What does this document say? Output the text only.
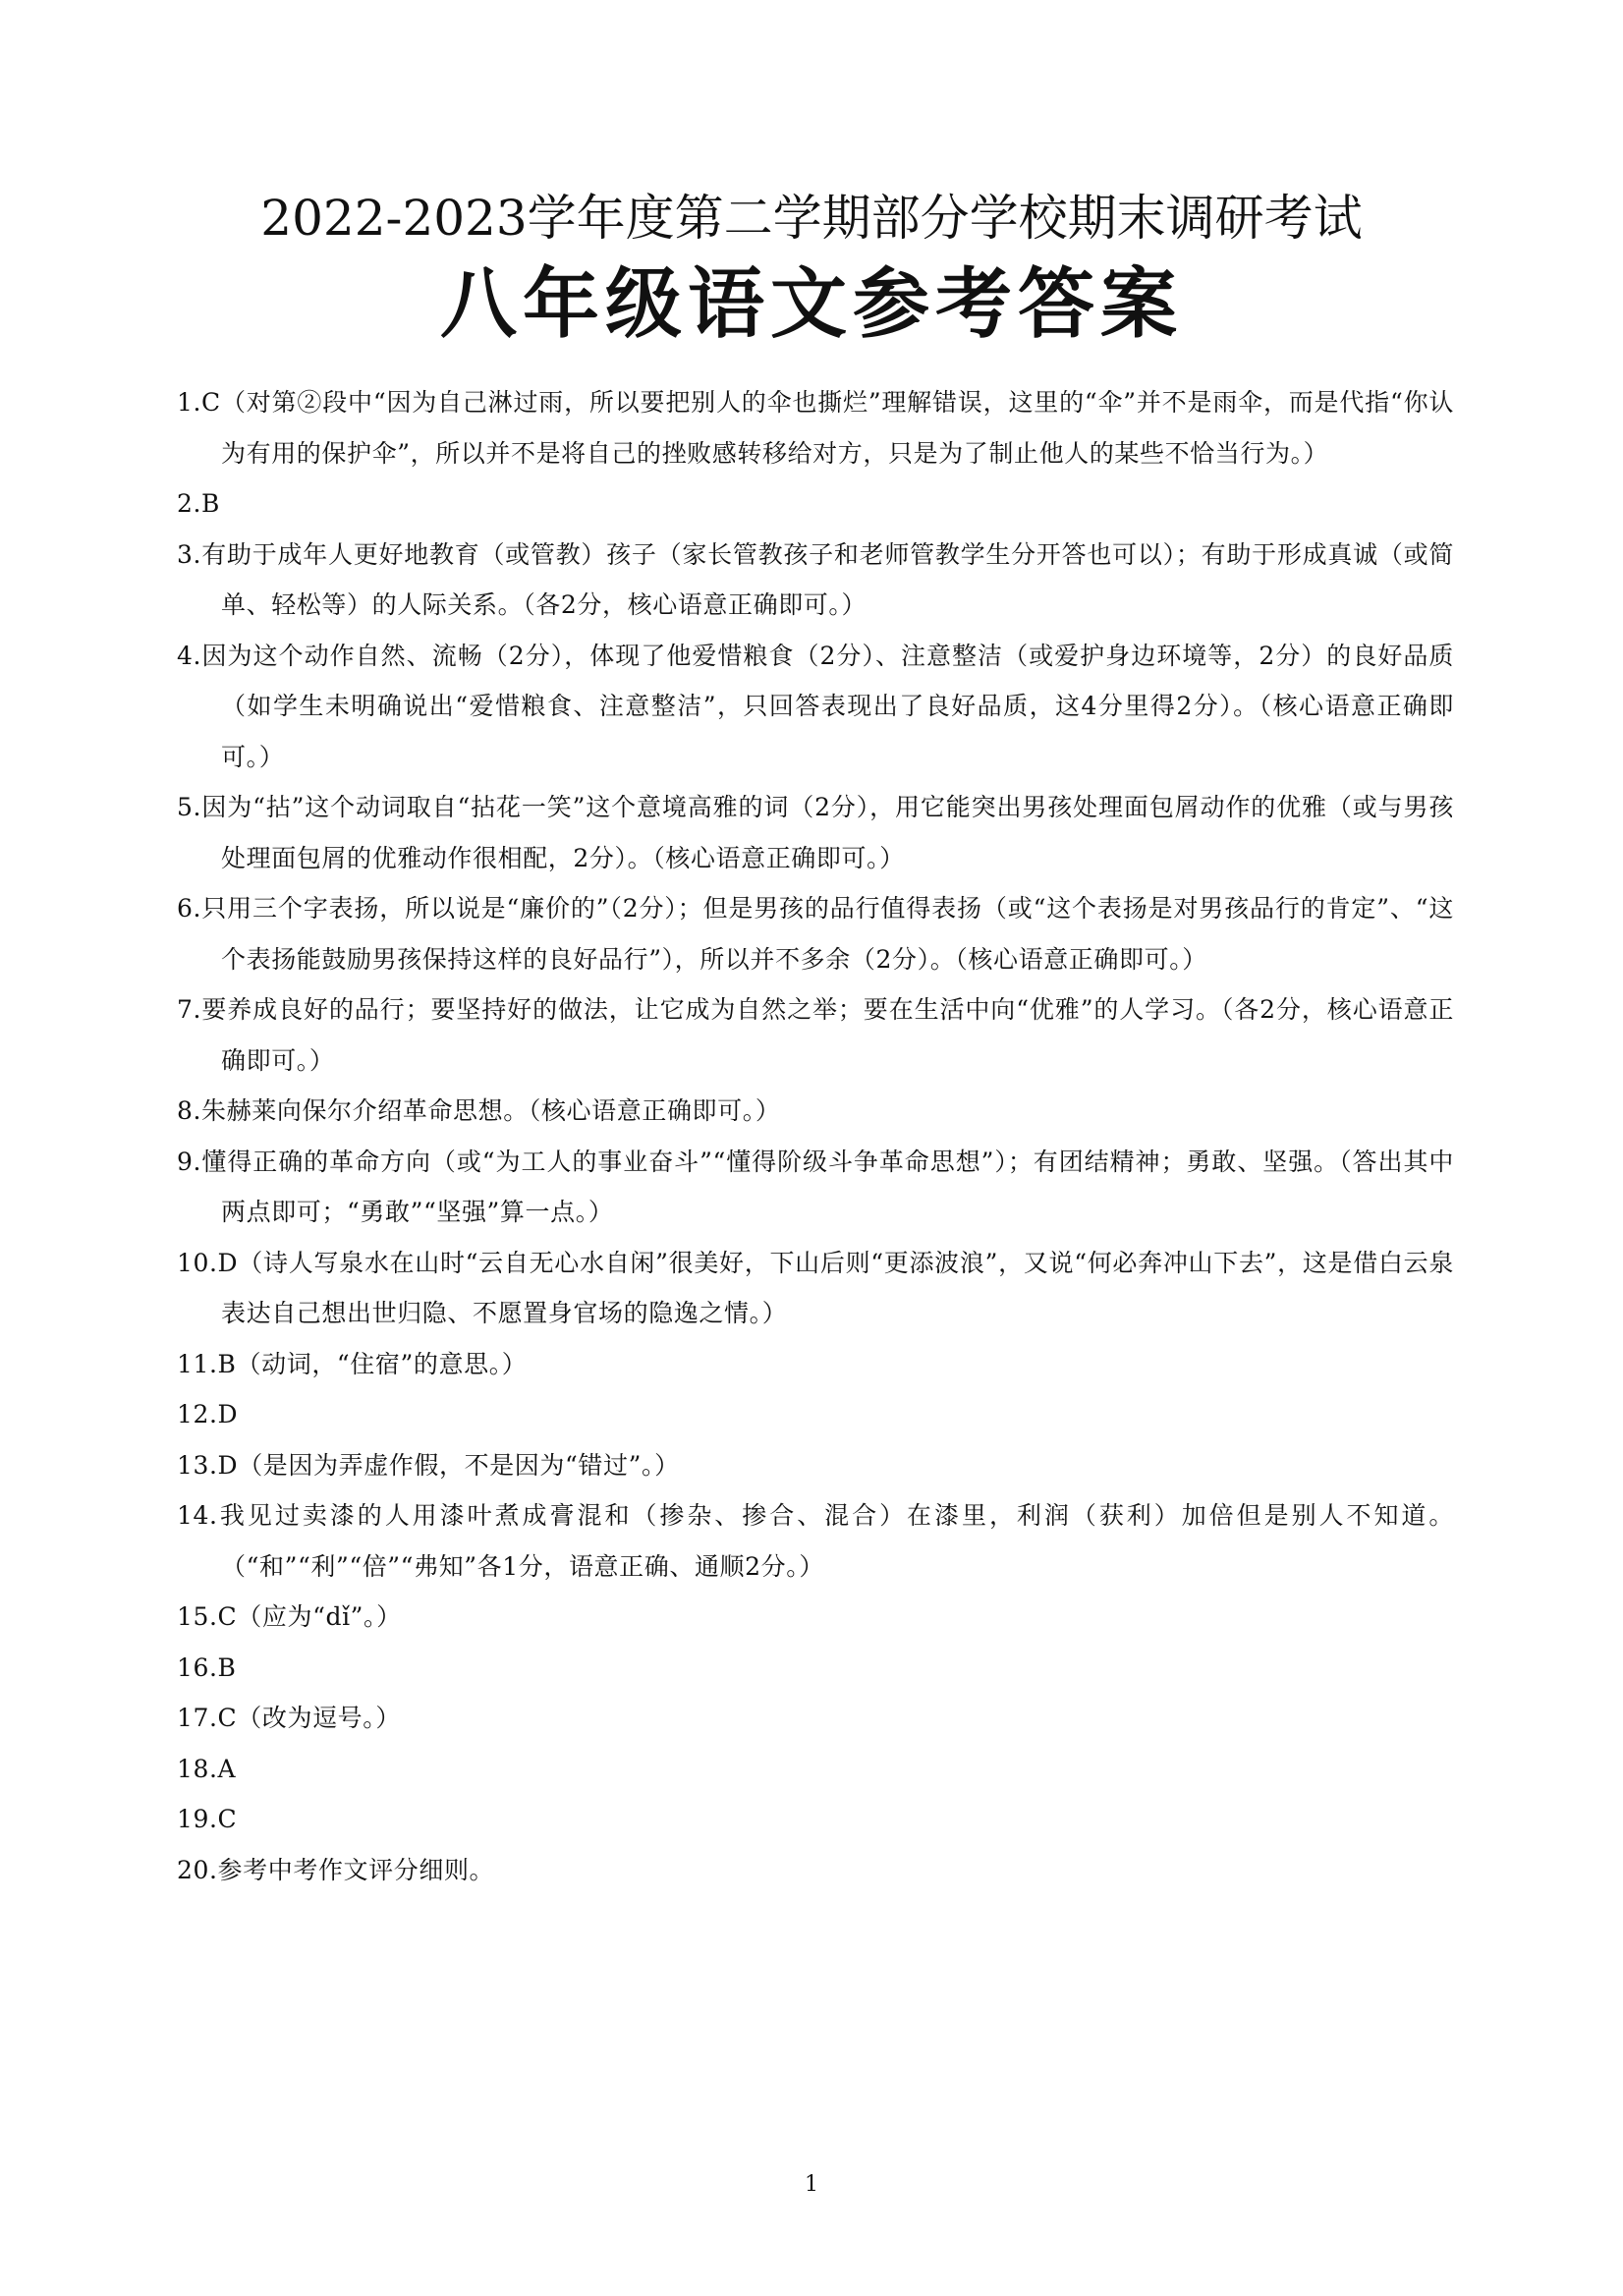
2022-2023学年度第二学期部分学校期末调研考试
八年级语文参考答案
1.C（对第②段中“因为自己淋过雨，所以要把别人的伞也撕烂”理解错误，这里的“伞”并不是雨伞，而是代指“你认为有用的保护伞”，所以并不是将自己的挫败感转移给对方，只是为了制止他人的某些不恰当行为。）
2.B
3.有助于成年人更好地教育（或管教）孩子（家长管教孩子和老师管教学生分开答也可以）；有助于形成真诚（或简单、轻松等）的人际关系。（各2分，核心语意正确即可。）
4.因为这个动作自然、流畅（2分），体现了他爱惜粮食（2分）、注意整洁（或爱护身边环境等，2分）的良好品质（如学生未明确说出“爱惜粮食、注意整洁”，只回答表现出了良好品质，这4分里得2分）。（核心语意正确即可。）
5.因为“拈”这个动词取自“拈花一笑”这个意境高雅的词（2分），用它能突出男孩处理面包屑动作的优雅（或与男孩处理面包屑的优雅动作很相配，2分）。（核心语意正确即可。）
6.只用三个字表扬，所以说是“廉价的”（2分）；但是男孩的品行值得表扬（或“这个表扬是对男孩品行的肯定”、“这个表扬能鼓励男孩保持这样的良好品行”），所以并不多余（2分）。（核心语意正确即可。）
7.要养成良好的品行；要坚持好的做法，让它成为自然之举；要在生活中向“优雅”的人学习。（各2分，核心语意正确即可。）
8.朱赫莱向保尔介绍革命思想。（核心语意正确即可。）
9.懂得正确的革命方向（或“为工人的事业奋斗”“懂得阶级斗争革命思想”）；有团结精神；勇敢、坚强。（答出其中两点即可；“勇敢”“坚强”算一点。）
10.D（诗人写泉水在山时“云自无心水自闲”很美好，下山后则“更添波浪”，又说“何必奔冲山下去”，这是借白云泉表达自己想出世归隐、不愿置身官场的隐逸之情。）
11.B（动词，“住宿”的意思。）
12.D
13.D（是因为弄虚作假，不是因为“错过”。）
14.我见过卖漆的人用漆叶煮成膏混和（掺杂、掺合、混合）在漆里，利润（获利）加倍但是别人不知道。（“和”“利”“倍”“弗知”各1分，语意正确、通顺2分。）
15.C（应为“dǐ”。）
16.B
17.C（改为逗号。）
18.A
19.C
20.参考中考作文评分细则。
1
